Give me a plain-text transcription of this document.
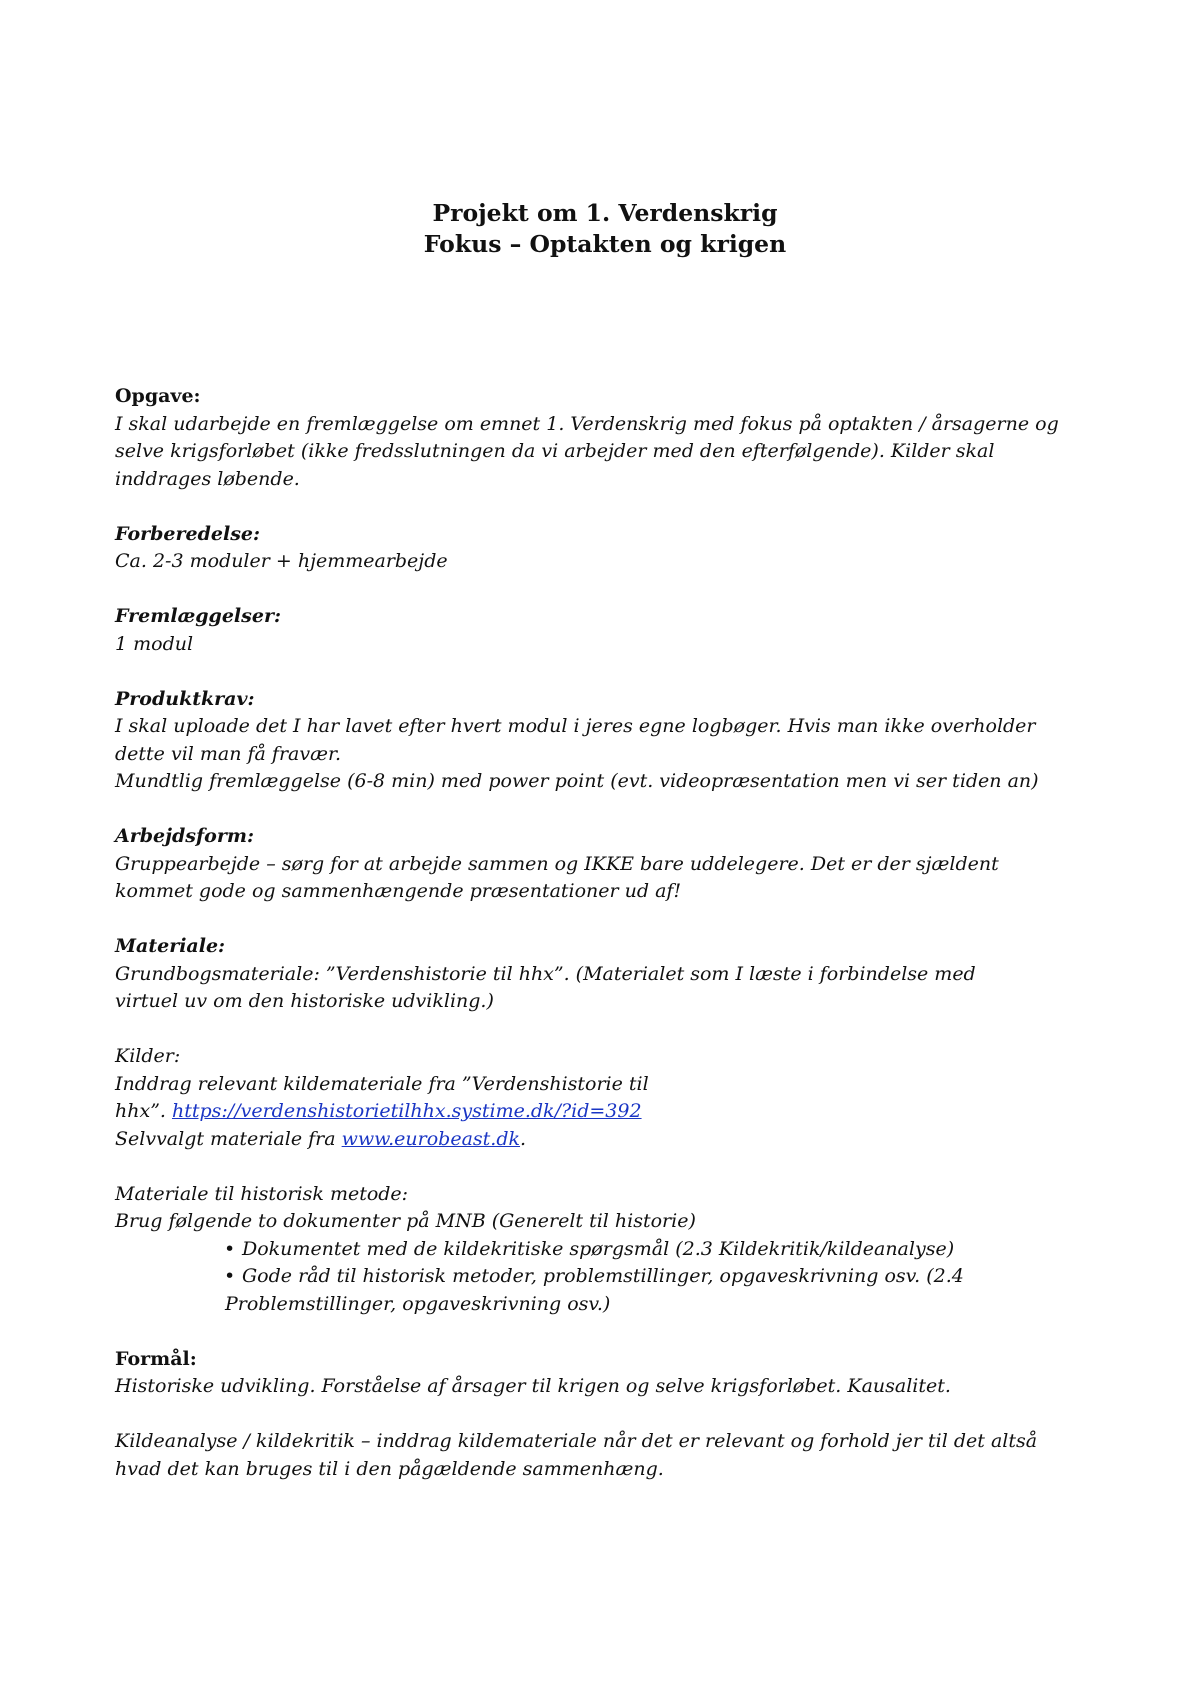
Projekt om 1. Verdenskrig
Fokus – Optakten og krigen
Opgave:
I skal udarbejde en fremlæggelse om emnet 1. Verdenskrig med fokus på optakten / årsagerne og
selve krigsforløbet (ikke fredsslutningen da vi arbejder med den efterfølgende). Kilder skal
inddrages løbende.
Forberedelse:
Ca. 2-3 moduler + hjemmearbejde
Fremlæggelser:
1 modul
Produktkrav:
I skal uploade det I har lavet efter hvert modul i jeres egne logbøger. Hvis man ikke overholder
dette vil man få fravær.
Mundtlig fremlæggelse (6-8 min) med power point (evt. videopræsentation men vi ser tiden an)
Arbejdsform:
Gruppearbejde – sørg for at arbejde sammen og IKKE bare uddelegere. Det er der sjældent
kommet gode og sammenhængende præsentationer ud af!
Materiale:
Grundbogsmateriale: ”Verdenshistorie til hhx”. (Materialet som I læste i forbindelse med
virtuel uv om den historiske udvikling.)
Kilder:
Inddrag relevant kildemateriale fra ”Verdenshistorie til
hhx”. https://verdenshistorietilhhx.systime.dk/?id=392
Selvvalgt materiale fra www.eurobeast.dk.
Materiale til historisk metode:
Brug følgende to dokumenter på MNB (Generelt til historie)
• Dokumentet med de kildekritiske spørgsmål (2.3 Kildekritik/kildeanalyse)
• Gode råd til historisk metoder, problemstillinger, opgaveskrivning osv. (2.4
Problemstillinger, opgaveskrivning osv.)
Formål:
Historiske udvikling. Forståelse af årsager til krigen og selve krigsforløbet. Kausalitet.
Kildeanalyse / kildekritik – inddrag kildemateriale når det er relevant og forhold jer til det altså
hvad det kan bruges til i den pågældende sammenhæng.
